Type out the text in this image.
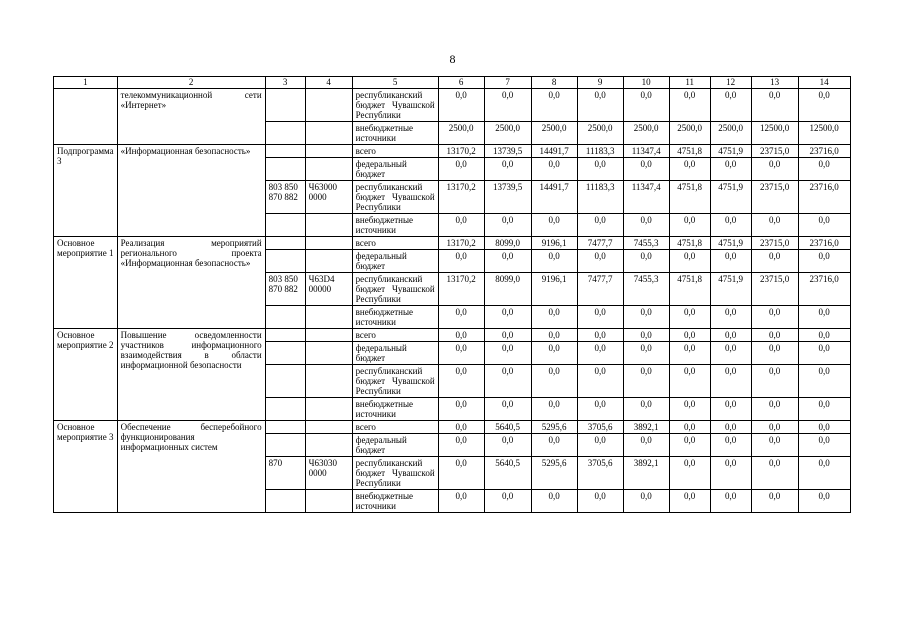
8
1	2	3	4	5	6	7	8	9	10	11	12	13	14
	телекоммуникационной сети «Интернет»			республиканский бюджет Чувашской Республики	0,0	0,0	0,0	0,0	0,0	0,0	0,0	0,0	0,0
				внебюджетные источники	2500,0	2500,0	2500,0	2500,0	2500,0	2500,0	2500,0	12500,0	12500,0
Подпрограмма 3	«Информационная безопасность»			всего	13170,2	13739,5	14491,7	11183,3	11347,4	4751,8	4751,9	23715,0	23716,0
				федеральный бюджет	0,0	0,0	0,0	0,0	0,0	0,0	0,0	0,0	0,0
		803 850 870 882	Ч63000 0000	республиканский бюджет Чувашской Республики	13170,2	13739,5	14491,7	11183,3	11347,4	4751,8	4751,9	23715,0	23716,0
				внебюджетные источники	0,0	0,0	0,0	0,0	0,0	0,0	0,0	0,0	0,0
Основное мероприятие 1	Реализация мероприятий регионального проекта «Информационная безопасность»			всего	13170,2	8099,0	9196,1	7477,7	7455,3	4751,8	4751,9	23715,0	23716,0
				федеральный бюджет	0,0	0,0	0,0	0,0	0,0	0,0	0,0	0,0	0,0
		803 850 870 882	Ч63D4 00000	республиканский бюджет Чувашской Республики	13170,2	8099,0	9196,1	7477,7	7455,3	4751,8	4751,9	23715,0	23716,0
				внебюджетные источники	0,0	0,0	0,0	0,0	0,0	0,0	0,0	0,0	0,0
Основное мероприятие 2	Повышение осведомленности участников информационного взаимодействия в области информационной безопасности			всего	0,0	0,0	0,0	0,0	0,0	0,0	0,0	0,0	0,0
				федеральный бюджет	0,0	0,0	0,0	0,0	0,0	0,0	0,0	0,0	0,0
				республиканский бюджет Чувашской Республики	0,0	0,0	0,0	0,0	0,0	0,0	0,0	0,0	0,0
				внебюджетные источники	0,0	0,0	0,0	0,0	0,0	0,0	0,0	0,0	0,0
Основное мероприятие 3	Обеспечение бесперебойного функционирования информационных систем			всего	0,0	5640,5	5295,6	3705,6	3892,1	0,0	0,0	0,0	0,0
				федеральный бюджет	0,0	0,0	0,0	0,0	0,0	0,0	0,0	0,0	0,0
		870	Ч63030 0000	республиканский бюджет Чувашской Республики	0,0	5640,5	5295,6	3705,6	3892,1	0,0	0,0	0,0	0,0
				внебюджетные источники	0,0	0,0	0,0	0,0	0,0	0,0	0,0	0,0	0,0
